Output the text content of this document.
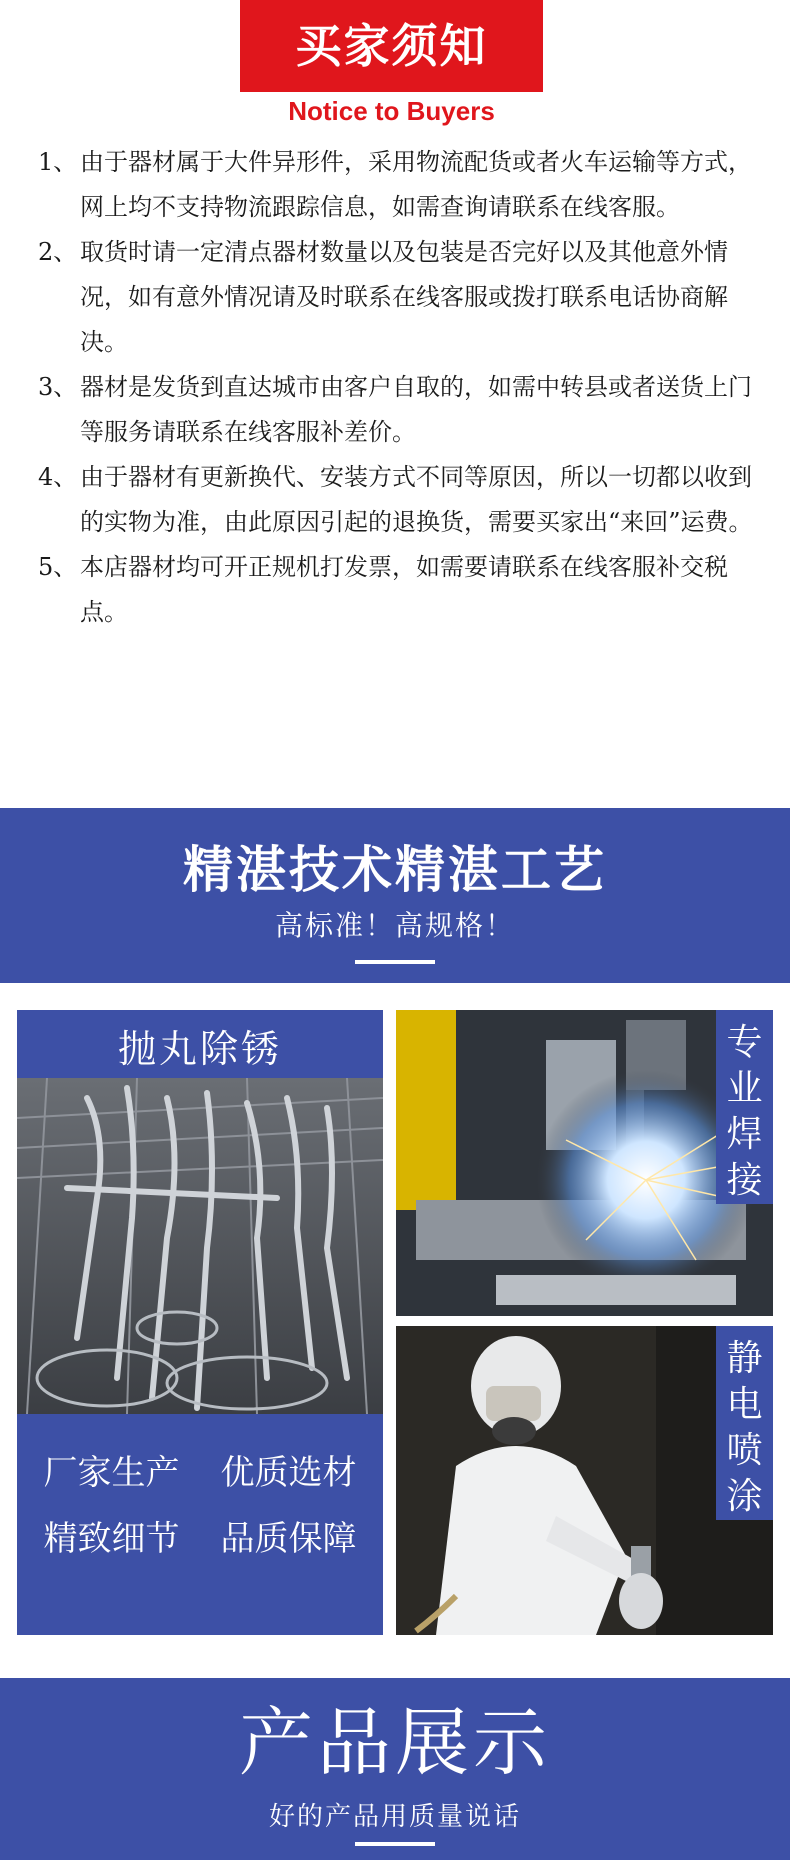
买家须知
Notice to Buyers
1、 由于器材属于大件异形件，采用物流配货或者火车运输等方式，网上均不支持物流跟踪信息，如需查询请联系在线客服。
2、 取货时请一定清点器材数量以及包装是否完好以及其他意外情况，如有意外情况请及时联系在线客服或拨打联系电话协商解决。
3、 器材是发货到直达城市由客户自取的，如需中转县或者送货上门等服务请联系在线客服补差价。
4、 由于器材有更新换代、安装方式不同等原因，所以一切都以收到的实物为准，由此原因引起的退换货，需要买家出“来回”运费。
5、 本店器材均可开正规机打发票，如需要请联系在线客服补交税点。
精湛技术精湛工艺
高标准！高规格！
抛丸除锈
厂家生产 优质选材
精致细节 品质保障
专
业
焊
接
静
电
喷
涂
产品展示
好的产品用质量说话
